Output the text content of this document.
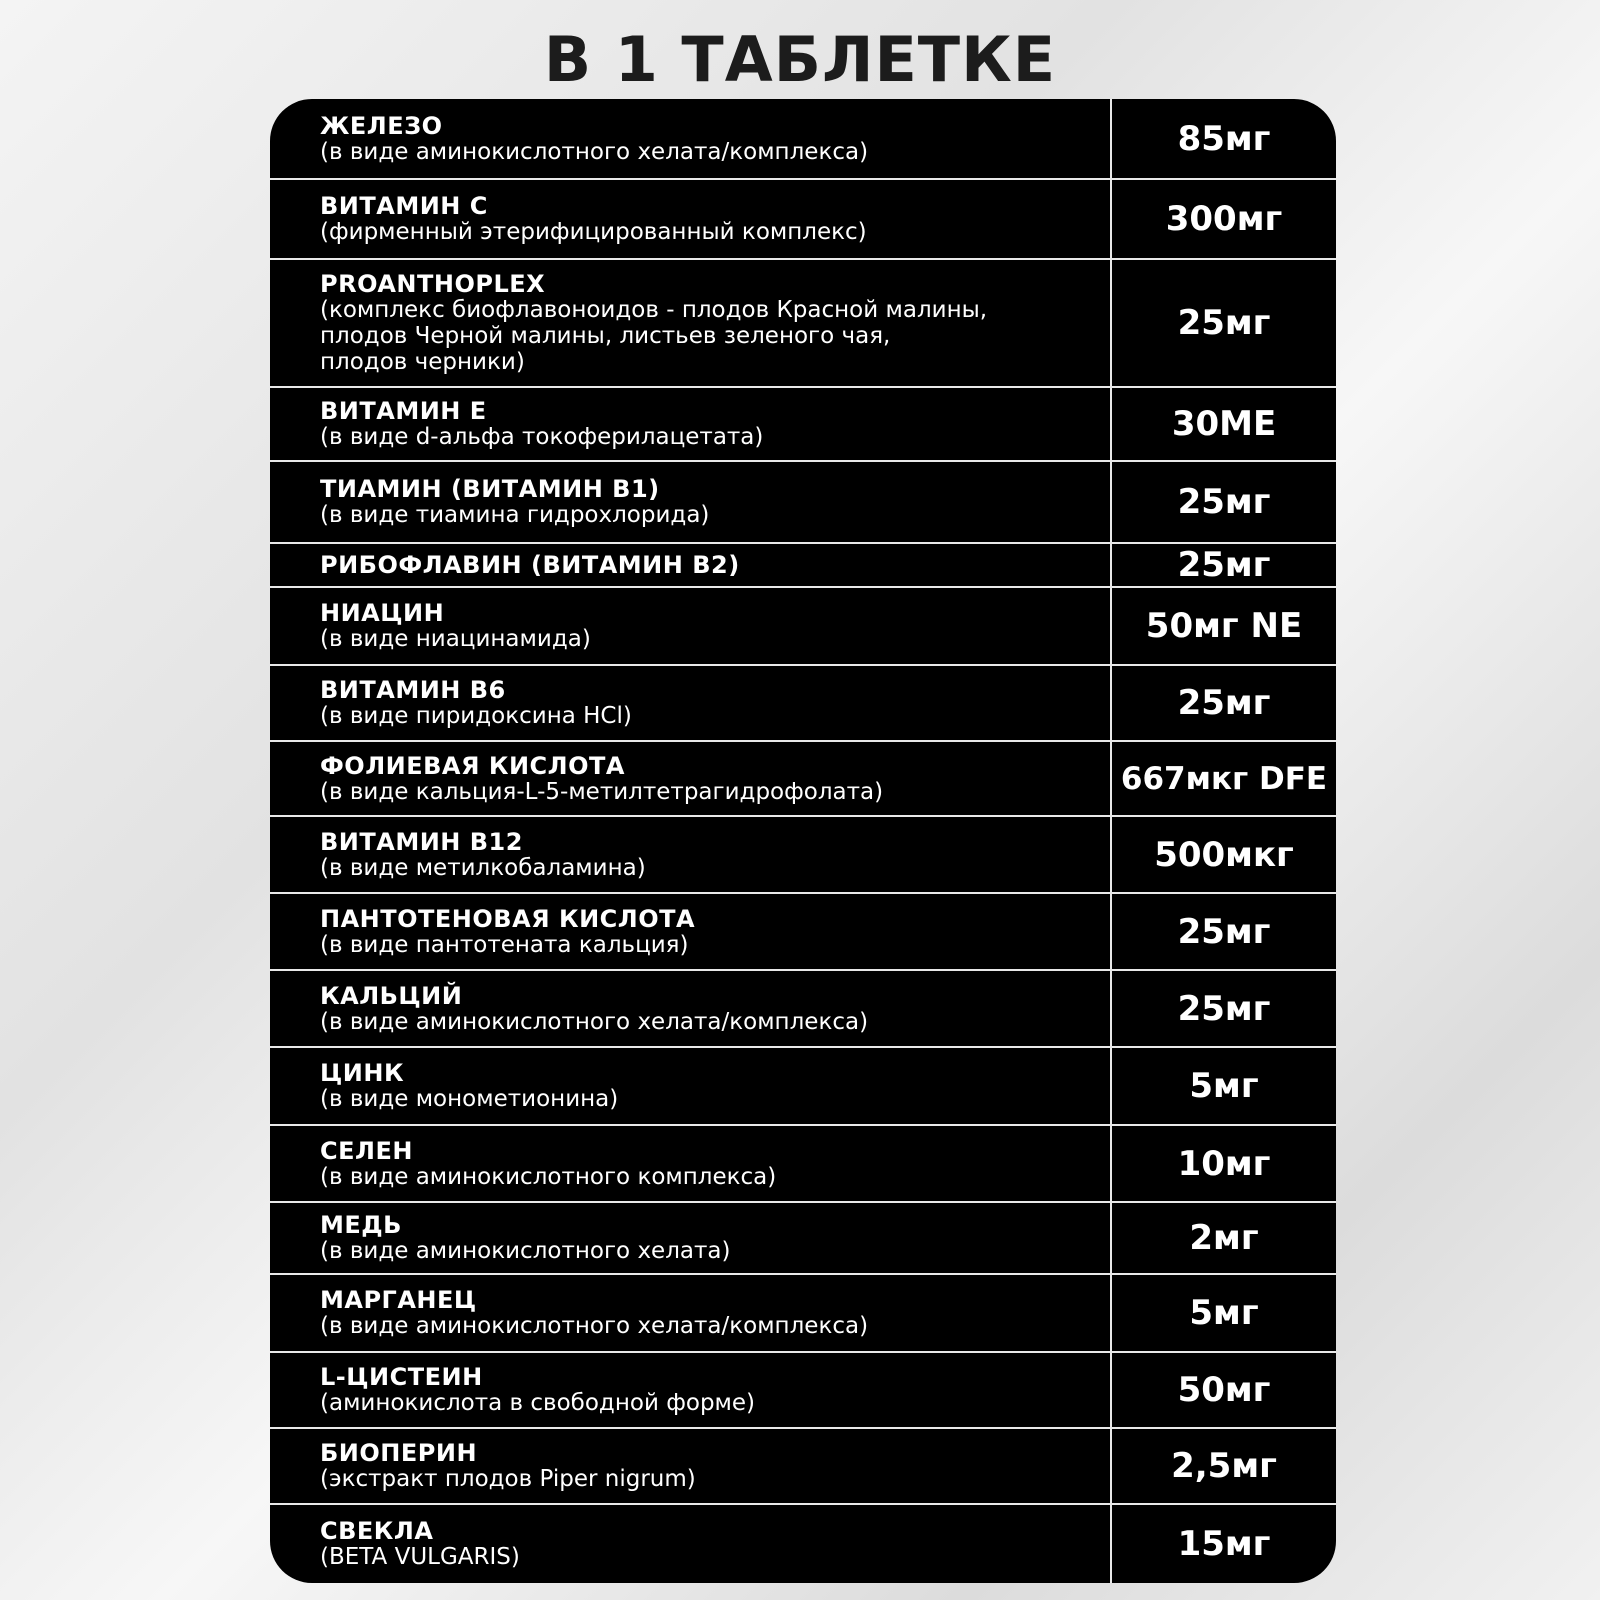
В 1 ТАБЛЕТКЕ
ЖЕЛЕЗО
(в виде аминокислотного хелата/комплекса)	85мг
ВИТАМИН C
(фирменный этерифицированный комплекс)	300мг
PROANTHOPLEX
(комплекс биофлавоноидов - плодов Красной малины,
плодов Черной малины, листьев зеленого чая,
плодов черники)
25мг
ВИТАМИН E
(в виде d-альфа токоферилацетата)	30МЕ
ТИАМИН (ВИТАМИН B1)
(в виде тиамина гидрохлорида)	25мг
РИБОФЛАВИН (ВИТАМИН B2)	25мг
НИАЦИН
(в виде ниацинамида)	50мг NE
ВИТАМИН B6
(в виде пиридоксина HCl)	25мг
ФОЛИЕВАЯ КИСЛОТА
(в виде кальция-L-5-метилтетрагидрофолата)	667мкг DFE
ВИТАМИН B12
(в виде метилкобаламина)	500мкг
ПАНТОТЕНОВАЯ КИСЛОТА
(в виде пантотената кальция)	25мг
КАЛЬЦИЙ
(в виде аминокислотного хелата/комплекса)	25мг
ЦИНК
(в виде монометионина)	5мг
СЕЛЕН
(в виде аминокислотного комплекса)	10мг
МЕДЬ
(в виде аминокислотного хелата)	2мг
МАРГАНЕЦ
(в виде аминокислотного хелата/комплекса)	5мг
L-ЦИСТЕИН
(аминокислота в свободной форме)	50мг
БИОПЕРИН
(экстракт плодов Piper nigrum)	2,5мг
СВЕКЛА
(BETA VULGARIS)	15мг
